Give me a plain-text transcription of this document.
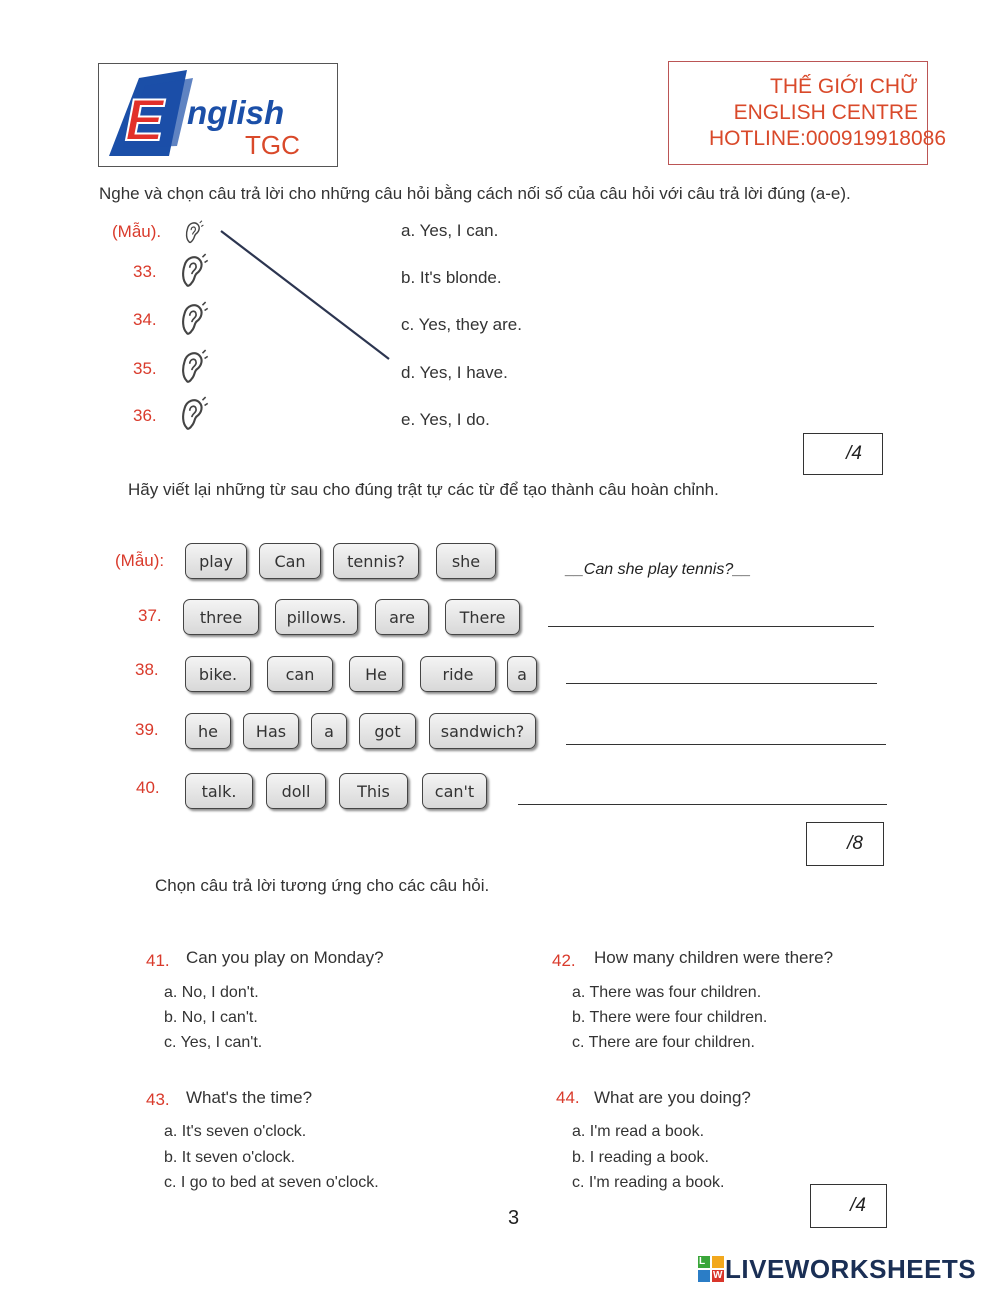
E nglish
TGC
THẾ GIỚI CHỮ
ENGLISH CENTRE
HOTLINE:000919918086
Nghe và chọn câu trả lời cho những câu hỏi bằng cách nối số của câu hỏi với câu trả lời đúng (a-e).
(Mẫu).
33.
34.
35.
36.
a. Yes, I can.
b. It's blonde.
c. Yes, they are.
d. Yes, I have.
e. Yes, I do.
/4
Hãy viết lại những từ sau cho đúng trật tự các từ để tạo thành câu hoàn chỉnh.
(Mẫu):	play	Can	tennis?	she	__Can she play tennis?__
37.	three	pillows.	are	There
38.	bike.	can	He	ride	a
39.	he	Has	a	got	sandwich?
40.	talk.	doll	This	can't
/8
Chọn câu trả lời tương ứng cho các câu hỏi.
41. Can you play on Monday?
a. No, I don't.
b. No, I can't.
c. Yes, I can't.
42. How many children were there?
a. There was four children.
b. There were four children.
c. There are four children.
43. What's the time?
a. It's seven o'clock.
b. It seven o'clock.
c. I go to bed at seven o'clock.
44. What are you doing?
a. I'm read a book.
b. I reading a book.
c. I'm reading a book.
/4
3
L
W LIVEWORKSHEETS
